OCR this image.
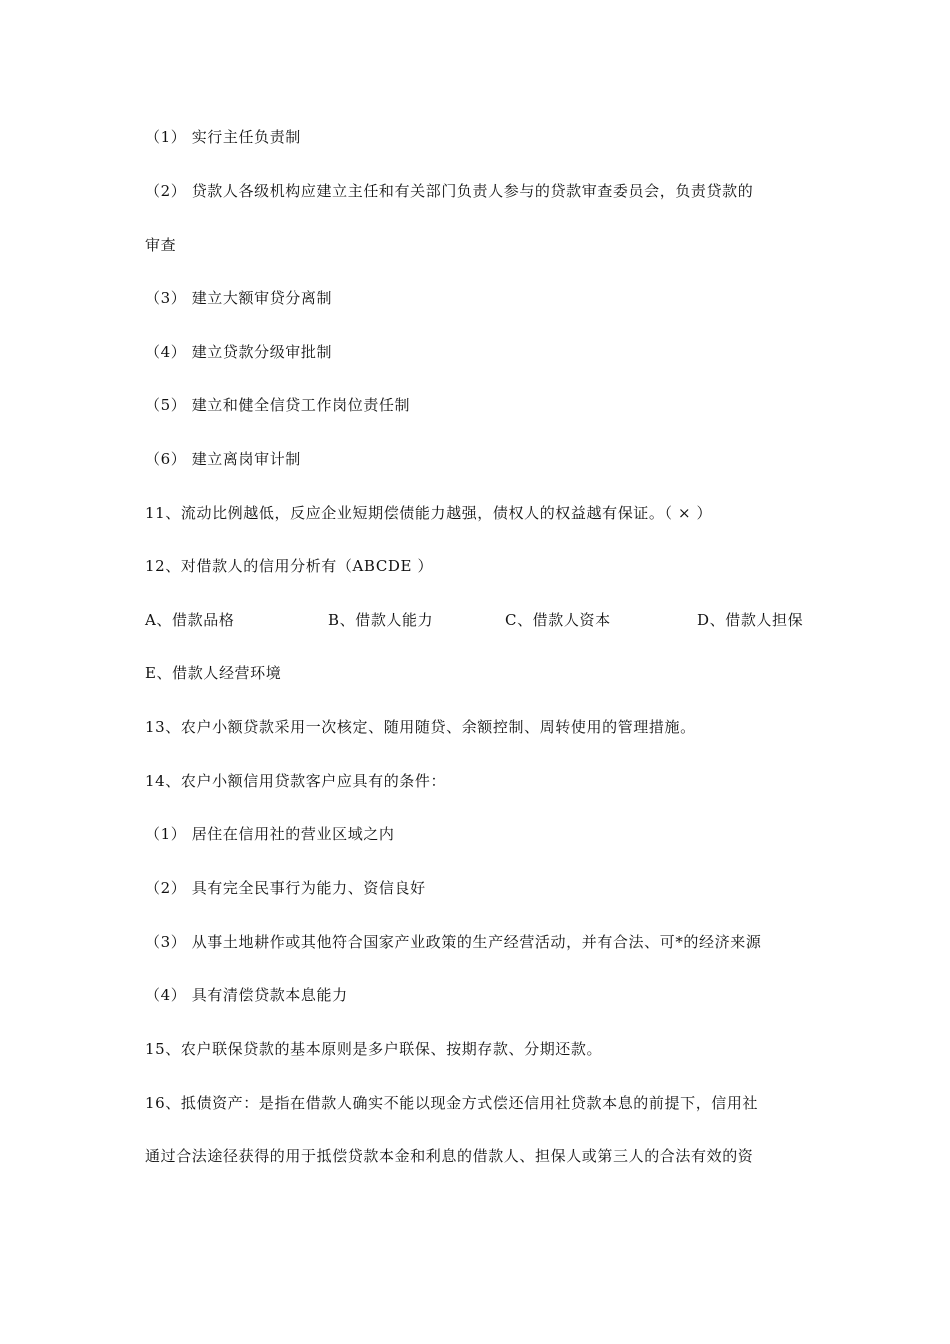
（1） 实行主任负责制
（2） 贷款人各级机构应建立主任和有关部门负责人参与的贷款审查委员会，负责贷款的
审查
（3） 建立大额审贷分离制
（4） 建立贷款分级审批制
（5） 建立和健全信贷工作岗位责任制
（6） 建立离岗审计制
11、流动比例越低，反应企业短期偿债能力越强，债权人的权益越有保证。（ × ）
12、对借款人的信用分析有（ABCDE ）
A、借款品格	B、借款人能力	C、借款人资本	D、借款人担保
E、借款人经营环境
13、农户小额贷款采用一次核定、随用随贷、余额控制、周转使用的管理措施。
14、农户小额信用贷款客户应具有的条件：
（1） 居住在信用社的营业区域之内
（2） 具有完全民事行为能力、资信良好
（3） 从事土地耕作或其他符合国家产业政策的生产经营活动，并有合法、可*的经济来源
（4） 具有清偿贷款本息能力
15、农户联保贷款的基本原则是多户联保、按期存款、分期还款。
16、抵债资产：是指在借款人确实不能以现金方式偿还信用社贷款本息的前提下，信用社
通过合法途径获得的用于抵偿贷款本金和利息的借款人、担保人或第三人的合法有效的资
